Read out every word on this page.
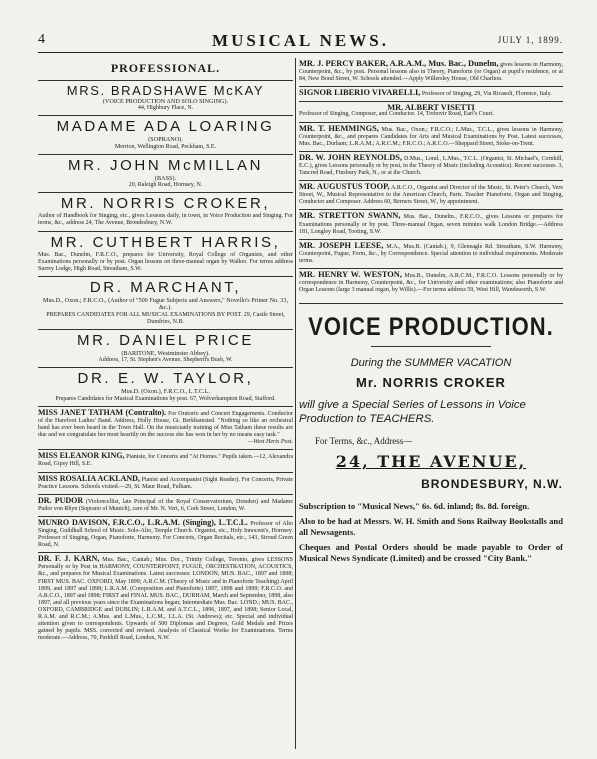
4	MUSICAL NEWS.	JULY 1, 1899.
PROFESSIONAL.
MRS. BRADSHAWE McKAY
(VOICE PRODUCTION AND SOLO SINGING).
44, Highbury Place, N.
MADAME ADA LOARING
(SOPRANO).
Merrion, Wellington Road, Peckham, S.E.
MR. JOHN McMILLAN
(BASS).
20, Raleigh Road, Hornsey, N.
MR. NORRIS CROKER,
Author of Handbook for Singing, etc., gives Lessons daily, in town, in Voice Production and Singing. For terms, &c., address 24, The Avenue, Brondesbury, N.W.
MR. CUTHBERT HARRIS,
Mus. Bac., Dunelm, F.R.C.O., prepares for University, Royal College of Organists, and other Examinations personally or by post. Organ lessons on three-manual organ by Walker. For terms address Surrey Lodge, High Road, Streatham, S.W.
DR. MARCHANT,
Mus.D., Oxon.; F.R.C.O., (Author of "500 Fugue Subjects and Answers," Novello's Primer No. 33, &c.).
PREPARES CANDIDATES FOR ALL MUSICAL EXAMINATIONS BY POST. 29, Castle Street, Dumfries, N.B.
MR. DANIEL PRICE
(BARITONE, Westminster Abbey).
Address, 17, St. Stephen's Avenue, Shepherd's Bush, W.
DR. E. W. TAYLOR,
Mus.D. (Oxon.), F.R.C.O., L.T.C.L.
Prepares Candidates for Musical Examinations by post. 67, Wolverhampton Road, Stafford.
MISS JANET TATHAM (Contralto). For Oratorio and Concert Engagements. Conductor of the Harefoot Ladies' Band. Address, Holly House, Gt. Berkhamsted. "Nothing so like an orchestral band has ever been heard in the Town Hall. On the musicianly training of Miss Tatham these results are due and we congratulate her most heartily on the success she has won in her by no means easy task."
—West Herts Post.
MISS ELEANOR KING, Pianiste, for Concerts and "At Homes." Pupils taken.—12, Alexandra Road, Gipsy Hill, S.E.
MISS ROSALIA ACKLAND, Pianist and Accompanist (Sight Reader). For Concerts, Private Practice Lessons. Schools visited.—29, St. Maur Road, Fulham.
DR. PUDOR (Violoncellist, late Principal of the Royal Conservatorium, Dresden) and Madame Pudor von Rhyn (Soprano of Munich), care of Mr. N. Vert, 6, Cork Street, London, W.
MUNRO DAVISON, F.R.C.O., L.R.A.M. (Singing), L.T.C.L. Professor of Alto Singing, Guildhall School of Music. Solo-Alto, Temple Church. Organist, etc., Holy Innocent's, Hornsey. Professor of Singing, Organ, Pianoforte, Harmony. For Concerts, Organ Recitals, etc., 143, Stroud Green Road, N.
DR. F. J. KARN, Mus. Bac., Cantab.; Mus. Doc., Trinity College, Toronto, gives LESSONS Personally or by Post in HARMONY, COUNTERPOINT, FUGUE, ORCHESTRATION, ACOUSTICS, &c., and prepares for Musical Examinations. Latest successes: LONDON, MUS. BAC., 1897 and 1898; FIRST MUS. BAC. OXFORD, May 1899; A.R.C.M. (Theory of Music and in Pianoforte Teaching) April 1899, and 1897 and 1898; L.R.A.M. (Composition and Pianoforte) 1897, 1898 and 1899; F.R.C.O. and A.R.C.O., 1897 and 1898; FIRST and FINAL MUS. BAC., DURHAM, March and September, 1898, also 1897, and all previous years since the Examinations began; Intermediate Mus. Bac. LOND.; MUS. BAC., OXFORD, CAMBRIDGE and DUBLIN; L.R.A.M. and A.T.C.L., 1896, 1897, and 1898; Senior Local, R.A.M. and R.C.M.; A.Mus. and L.Mus., L.C.M., LL.A. (St. Andrews); etc. Special and individual attention given to correspondents. Upwards of 500 Diplomas and Degrees, Gold Medals and Prizes gained by pupils. MSS. corrected and revised. Analysis of Classical Works for Examinations. Terms moderate.—Address, 70, Parkhill Road, London, N.W.
MR. J. PERCY BAKER, A.R.A.M., Mus. Bac., Dunelm, gives lessons in Harmony, Counterpoint, &c., by post. Personal lessons also in Theory, Pianoforte (or Organ) at pupil's residence, or at 84, New Bond Street, W. Schools attended.—Apply Willersley House, Old Charlton.
SIGNOR LIBERIO VIVARELLI, Professor of Singing, 29, Via Ricasoli, Florence, Italy.
MR. ALBERT VISETTI
Professor of Singing, Composer, and Conductor. 14, Trebovir Road, Earl's Court.
MR. T. HEMMINGS, Mus. Bac., Oxon.; F.R.C.O.; L.Mus., T.C.L., gives lessons in Harmony, Counterpoint, &c., and prepares Candidates for Arts and Musical Examinations by Post. Latest successes, Mus. Bac., Durham; L.R.A.M.; A.R.C.M.; F.R.C.O.; A.R.C.O.—Sheppard Street, Stoke-on-Trent.
DR. W. JOHN REYNOLDS, D.Mus., Lond., L.Mus., T.C.L. (Organist, St. Michael's, Cornhill, E.C.), gives Lessons personally or by post, in the Theory of Music (including Acoustics). Recent successes. 3, Tancred Road, Finsbury Park, N., or at the Church.
MR. AUGUSTUS TOOP, A.R.C.O., Organist and Director of the Music, St. Peter's Church, Vere Street, W., Musical Representative to the American Church, Paris. Teacher Pianoforte, Organ and Singing, Conductor and Composer. Address 60, Berners Street, W., by appointment.
MR. STRETTON SWANN, Mus. Bac., Dunelm., F.R.C.O., gives Lessons or prepares for Examinations personally or by post. Three-manual Organ, seven minutes walk London Bridge.—Address 181, Longley Road, Tooting, S.W.
MR. JOSEPH LEESE, M.A., Mus.B. (Cantab.), 9, Gleneagle Rd. Streatham, S.W. Harmony, Counterpoint, Fugue, Form, &c., by Correspondence. Special attention to individual requirements. Moderate terms.
MR. HENRY W. WESTON, Mus.B., Dunelm, A.R.C.M., F.R.C.O. Lessons personally or by correspondence in Harmony, Counterpoint, &c., for University and other examinations; also Pianoforte and Organ Lessons (large 3 manual organ, by Willis).—For terms address 59, West Hill, Wandsworth, S.W.
VOICE PRODUCTION.
During the SUMMER VACATION
Mr. NORRIS CROKER
will give a Special Series of Lessons in Voice Production to TEACHERS.
For Terms, &c., Address—
24, THE AVENUE,
BRONDESBURY, N.W.
Subscription to "Musical News," 6s. 6d. inland; 8s. 8d. foreign.
Also to be had at Messrs. W. H. Smith and Sons Railway Bookstalls and all Newsagents.
Cheques and Postal Orders should be made payable to Order of Musical News Syndicate (Limited) and be crossed "City Bank."
